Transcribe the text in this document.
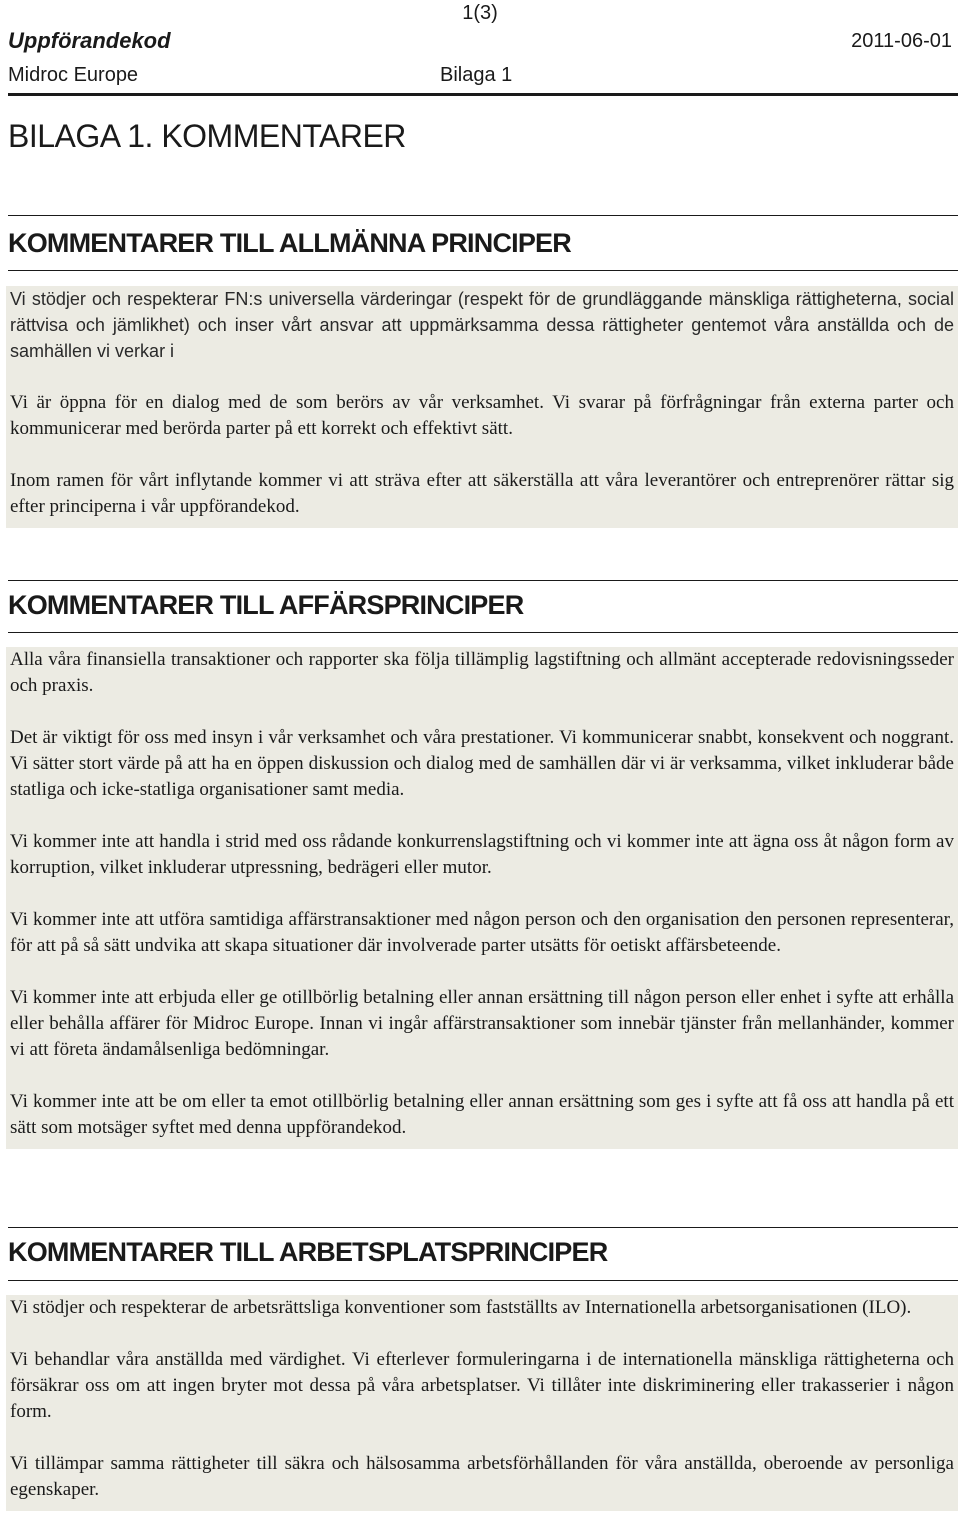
1(3)
Uppförandekod	2011-06-01
Midroc Europe	Bilaga 1
BILAGA 1. KOMMENTARER
KOMMENTARER TILL ALLMÄNNA PRINCIPER

Vi stödjer och respekterar FN:s universella värderingar (respekt för de grundläggande mänskliga rättigheterna, social rättvisa och jämlikhet) och inser vårt ansvar att uppmärksamma dessa rättigheter gentemot våra anställda och de samhällen vi verkar i

Vi är öppna för en dialog med de som berörs av vår verksamhet. Vi svarar på förfrågningar från externa parter och kommunicerar med berörda parter på ett korrekt och effektivt sätt.

Inom ramen för vårt inflytande kommer vi att sträva efter att säkerställa att våra leverantörer och entreprenörer rättar sig efter principerna i vår uppförandekod.

KOMMENTARER TILL AFFÄRSPRINCIPER

Alla våra finansiella transaktioner och rapporter ska följa tillämplig lagstiftning och allmänt accepterade redovisningsseder och praxis.

Det är viktigt för oss med insyn i vår verksamhet och våra prestationer. Vi kommunicerar snabbt, konsekvent och noggrant. Vi sätter stort värde på att ha en öppen diskussion och dialog med de samhällen där vi är verksamma, vilket inkluderar både statliga och icke-statliga organisationer samt media.

Vi kommer inte att handla i strid med oss rådande konkurrenslagstiftning och vi kommer inte att ägna oss åt någon form av korruption, vilket inkluderar utpressning, bedrägeri eller mutor.

Vi kommer inte att utföra samtidiga affärstransaktioner med någon person och den organisation den personen representerar, för att på så sätt undvika att skapa situationer där involverade parter utsätts för oetiskt affärsbeteende.

Vi kommer inte att erbjuda eller ge otillbörlig betalning eller annan ersättning till någon person eller enhet i syfte att erhålla eller behålla affärer för Midroc Europe. Innan vi ingår affärstransaktioner som innebär tjänster från mellanhänder, kommer vi att företa ändamålsenliga bedömningar.

Vi kommer inte att be om eller ta emot otillbörlig betalning eller annan ersättning som ges i syfte att få oss att handla på ett sätt som motsäger syftet med denna uppförandekod.

KOMMENTARER TILL ARBETSPLATSPRINCIPER

Vi stödjer och respekterar de arbetsrättsliga konventioner som fastställts av Internationella arbetsorganisationen (ILO).

Vi behandlar våra anställda med värdighet. Vi efterlever formuleringarna i de internationella mänskliga rättigheterna och försäkrar oss om att ingen bryter mot dessa på våra arbetsplatser. Vi tillåter inte diskriminering eller trakasserier i någon form.

Vi tillämpar samma rättigheter till säkra och hälsosamma arbetsförhållanden för våra anställda, oberoende av personliga egenskaper.
